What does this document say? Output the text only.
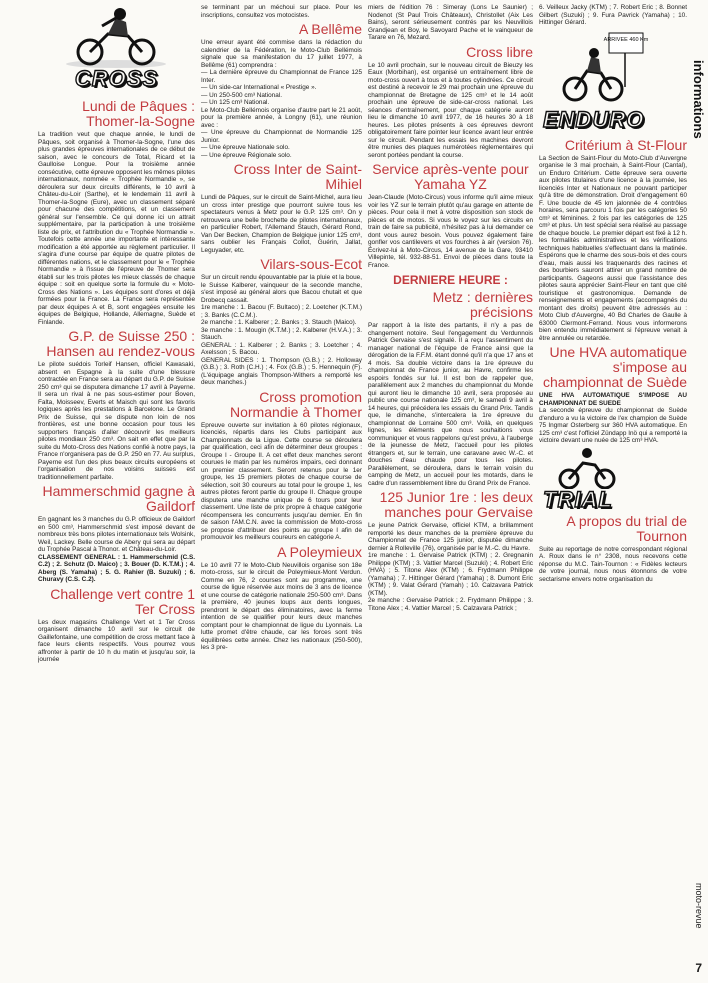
CROSS
Lundi de Pâques : Thomer-la-Sogne

La tradition veut que chaque année, le lundi de Pâques, soit organisé à Thomer-la-Sogne, l'une des plus grandes épreuves internationales de ce début de saison, avec le concours de Total, Ricard et la Gaulloise Longue. Pour la troisième année consécutive, cette épreuve opposent les mêmes pilotes internationaux, nommée « Trophée Normandie », se déroulera sur deux circuits différents, le 10 avril à Châteu-du-Loir (Sarthe), et le lendemain 11 avril à Thomer-la-Sogne (Eure), avec un classement séparé pour chacune des compétitions, et un classement général sur l'ensemble. Ce qui donne ici un attrait supplémentaire, par la participation à une troisième liste de prix, et l'attribution du « Trophée Normandie ». Toutefois cette année une importante et intéressante modification a été apportée au règlement particulier. Il s'agira d'une course par équipe de quatre pilotes de différentes nations, et le classement pour le « Trophée Normandie » à l'issue de l'épreuve de Thomer sera établi sur les trois pilotes les mieux classés de chaque équipe : soit en quelque sorte la formule du « Moto-Cross des Nations ». Les équipes sont d'ores et déjà formées pour la France. La France sera représentée par deux équipes A et B, sont engagées ensuite les équipes de Belgique, Hollande, Allemagne, Suède et Finlande.

G.P. de Suisse 250 : Hansen au rendez-vous

Le pilote suédois Torleif Hansen, officiel Kawasaki, absent en Espagne à la suite d'une blessure contractée en France sera au départ du G.P. de Suisse 250 cm³ qui se disputera dimanche 17 avril à Payerne. Il sera un rival à ne pas sous-estimer pour Boven, Falta, Moisseev, Everts et Maisch qui sont les favoris logiques après les prestations à Barcelone. Le Grand Prix de Suisse, qui se dispute non loin de nos frontières, est une bonne occasion pour tous les supporters français d'aller découvrir les meilleurs pilotes mondiaux 250 cm³. On sait en effet que par la suite du Moto-Cross des Nations confié à notre pays, la France n'organisera pas de G.P. 250 en 77. Au surplus, Payerne est l'un des plus beaux circuits européens et l'organisation de nos voisins suisses est traditionnellement parfaite.

Hammerschmid gagne à Gaildorf

En gagnant les 3 manches du G.P. officieux de Gaildorf en 500 cm³, Hammerschmid s'est imposé devant de nombreux très bons pilotes internationaux tels Wolsink, Weil, Lackey. Belle course de Abery qui sera au départ du Trophée Pascal à Thonor. et Château-du-Loir.

CLASSEMENT GENERAL : 1. Hammerschmid (C.S. C.2) ; 2. Schutz (D. Maico) ; 3. Bouer (D. K.T.M.) ; 4. Aberg (S. Yamaha) ; 5. G. Rahier (B. Suzuki) ; 6. Churavy (C.S. C.2).

Challenge vert contre 1 Ter Cross

Les deux magasins Challenge Vert et 1 Ter Cross organisent dimanche 10 avril sur le circuit de Gaillefontaine, une compétition de cross mettant face à face leurs clients respectifs. Vous pourrez vous affronter à partir de 10 h du matin et jusqu'au soir, la journée

se terminant par un méchoui sur place. Pour les inscriptions, consultez vos motocistes.

A Bellême

Une erreur ayant été commise dans la rédaction du calendrier de la Fédération, le Moto-Club Bellémois signale que sa manifestation du 17 juillet 1977, à Bellême (61) comprendra :
— La dernière épreuve du Championnat de France 125 Inter.
— Un side-car International « Prestige ».
— Un 250-500 cm³ National.
— Un 125 cm³ National.
Le Moto-Club Bellémois organise d'autre part le 21 août, pour la première année, à Longny (61), une réunion avec :
— Une épreuve du Championnat de Normandie 125 Junior.
— Une épreuve Nationale solo.
— Une épreuve Régionale solo.

Cross Inter de Saint-Mihiel

Lundi de Pâques, sur le circuit de Saint-Michel, aura lieu un cross inter prestige que pourront suivre tous les spectateurs venus à Metz pour le G.P. 125 cm³. On y retrouvera une belle brochette de pilotes internationaux, en particulier Robert, l'Allemand Stauch, Gérard Rond, Van Der Becken, Champion de Belgique junior 125 cm³, sans oublier les Français Collot, Guérin, Jallat, Leguyader, etc.

Vilars-sous-Ecot

Sur un circuit rendu épouvantable par la pluie et la boue, le Suisse Kalberer, vainqueur de la seconde manche, s'est imposé au général alors que Bacou chutait et que Drobecq cassait.
1re manche : 1. Bacou (F. Bultaco) ; 2. Loetcher (K.T.M.) ; 3. Banks (C.C.M.).
2e manche : 1. Kalberer ; 2. Banks ; 3. Stauch (Maico).
3e manche : 1. Mougin (K.T.M.) ; 2. Kalberer (H.V.A.) ; 3. Stauch.
GENERAL : 1. Kalberer ; 2. Banks ; 3. Loetcher ; 4. Axelsson ; 5. Bacou.
GENERAL SIDES : 1. Thompson (G.B.) ; 2. Holloway (G.B.) ; 3. Roth (C.H.) ; 4. Fox (G.B.) ; 5. Hennequin (F). (L'équipage anglais Thompson-Withers a remporté les deux manches.)

Cross promotion Normandie à Thomer

Epreuve ouverte sur invitation à 60 pilotes régionaux, licenciés, répartis dans les Clubs participant aux Championnats de la Ligue. Cette course se déroulera par qualification, ceci afin de déterminer deux groupes : Groupe I - Groupe II. A cet effet deux manches seront courues le matin par les numéros impairs, ceci donnant un premier classement. Seront retenus pour le 1er groupe, les 15 premiers pilotes de chaque course de sélection, soit 30 coureurs au total pour le groupe 1, les autres pilotes feront partie du groupe II. Chaque groupe disputera une manche unique de 6 tours pour leur classement. Une liste de prix propre à chaque catégorie récompensera les concurrents jusqu'au dernier. En fin de saison l'AM.C.N. avec la commission de Moto-cross se propose d'attribuer des points au groupe I afin de promouvoir les meilleurs coureurs en catégorie A.

A Poleymieux

Le 10 avril 77 le Moto-Club Neuvillois organise son 18e moto-cross, sur le circuit de Poleymieux-Mont Verdun. Comme en 76, 2 courses sont au programme, une course de ligue réservée aux moins de 3 ans de licence et une course de catégorie nationale 250-500 cm³. Dans la première, 40 jeunes loups aux dents longues, prendront le départ des éliminatoires, avec la ferme intention de se qualifier pour leurs deux manches comptant pour le championnat de ligue du Lyonnais. La lutte promet d'être chaude, car les forces sont très équilibrées cette année. Chez les nationaux (250-500), les 3 pre-

miers de l'édition 76 : Simeray (Lons Le Saunier) ; Nodenot (St Paul Trois Châteaux), Christollet (Aix Les Bains), seront sérieusement contrés par les Neuvillois Grandjean et Boy, le Savoyard Pache et le vainqueur de Tarare en 76, Mezard.

Cross libre

Le 10 avril prochain, sur le nouveau circuit de Bieuzy les Eaux (Morbihan), est organisé un entraînement libre de moto-cross ouvert à tous et à toutes cylindrées. Ce circuit est destiné à recevoir le 29 mai prochain une épreuve du championnat de Bretagne de 125 cm³ et le 14 août prochain une épreuve de side-car-cross national. Les séances d'entraînement, pour chaque catégorie auront lieu le dimanche 10 avril 1977, de 16 heures 30 à 18 heures. Les pilotes présents à ces épreuves devront obligatoirement faire pointer leur licence avant leur entrée sur le circuit. Pendant les essais les machines devront être munies des plaques numérotées réglementaires qui seront portées pendant la course.

Service après-vente pour Yamaha YZ

Jean-Claude (Moto-Circus) vous informe qu'il aime mieux voir les YZ sur le terrain plutôt qu'au garage en attente de pièces. Pour cela il met à votre disposition son stock de pièces et de motos. Si vous le voyez sur les circuits en train de faire sa publicité, n'hésitez pas à lui demander ce dont vous aurez besoin. Vous pouvez également faire gonfler vos cantilevers et vos fourches à air (version 76). Écrivez-lui à Moto-Circus, 14 avenue de la Gare, 93410 Villepinte, tél. 932-88-51. Envoi de pièces dans toute la France.

DERNIERE HEURE :
Metz : dernières précisions

Par rapport à la liste des partants, il n'y a pas de changement notoire. Seul l'engagement du Verdunnois Patrick Gervaise s'est signalé. Il a reçu l'assentiment du manager national de l'équipe de France ainsi que la dérogation de la F.F.M. étant donné qu'il n'a que 17 ans et 4 mois. Sa double victoire dans la 1re épreuve du championnat de France junior, au Havre, confirme les espoirs fondés sur lui. Il est bon de rappeler que, parallèlement aux 2 manches du championnat du Monde qui auront lieu le dimanche 10 avril, sera proposée au public une course nationale 125 cm³, le samedi 9 avril à 14 heures, qui précédera les essais du Grand Prix. Tandis que, le dimanche, s'intercalera la 1re épreuve du championnat de Lorraine 500 cm³. Voilà, en quelques lignes, les éléments que nous souhaitions vous communiquer et vous rappelons qu'est prévu, à l'auberge de la jeunesse de Metz, l'accueil pour les pilotes étrangers et, sur le terrain, une caravane avec W.-C. et douches d'eau chaude pour tous les pilotes. Parallèlement, se déroulera, dans le terrain voisin du camping de Metz, un accueil pour les motards, dans le cadre d'un rassemblement libre du Grand Prix de France.

125 Junior 1re : les deux manches pour Gervaise

Le jeune Patrick Gervaise, officiel KTM, a brillamment remporté les deux manches de la première épreuve du Championnat de France 125 junior, disputée dimanche dernier à Rolleville (76), organisée par le M.-C. du Havre.
1re manche : 1. Gervaise Patrick (KTM) ; 2. Gregnanin Philippe (KTM) ; 3. Vattier Marcel (Suzuki) ; 4. Robert Eric (HVA) ; 5. Titone Alex (KTM) ; 6. Frydmann Philippe (Yamaha) ; 7. Hittinger Gérard (Yamaha) ; 8. Dumont Eric (KTM) ; 9. Valat Gérard (Yamah) ; 10. Calzavara Patrick (KTM).
2e manche : Gervaise Patrick ; 2. Frydmann Philippe ; 3. Titone Alex ; 4. Vattier Marcel ; 5. Calzavara Patrick ;

6. Veilleux Jacky (KTM) ; 7. Robert Eric ; 8. Bonnet Gilbert (Suzuki) ; 9. Fura Pavrick (Yamaha) ; 10. Hittinger Gérard.

ARRIVEE 460 Km
ENDURO
Critérium à St-Flour

La Section de Saint-Flour du Moto-Club d'Auvergne organise le 3 mai prochain, à Saint-Flour (Cantal), un Enduro Critérium. Cette épreuve sera ouverte aux pilotes titulaires d'une licence à la journée, les licenciés Inter et Nationaux ne pouvant participer qu'à titre de démonstration. Droit d'engagement 60 F. Une boucle de 45 km jalonnée de 4 contrôles horaires, sera parcouru 1 fois par les catégories 50 cm³ et féminines. 2 fois par les catégories de 125 cm³ et plus. Un test spécial sera réalisé au passage de chaque boucle. Le premier départ est fixé à 12 h. les formalités administratives et les vérifications techniques habituelles s'effectuant dans la matinée. Espérons que le charme des sous-bois et des cours d'eau, mais aussi les traquenards des racines et des bourbiers sauront attirer un grand nombre de participants. Gageons aussi que l'assistance des pilotes saura apprécier Saint-Fleur en tant que cité touristique et gastronomique. Demande de renseignements et engagements (accompagnés du montant des droits) peuvent être adressés au : Moto Club d'Auvergne, 40 Bd Charles de Gaulle à 63000 Clermont-Ferrand. Nous vous informerons bien entendu immédiatement si l'épreuve venait à être annulée ou retardée.

Une HVA automatique s'impose au championnat de Suède

UNE HVA AUTOMATIQUE S'IMPOSE AU CHAMPIONNAT DE SUEDE

La seconde épreuve du championnat de Suède d'enduro a vu la victoire de l'ex champion de Suède 75 Ingmar Osterberg sur 360 HVA automatique. En 125 cm³ c'est l'officiel Zündapp Inö qui a remporté la victoire devant une nuée de 125 cm³ HVA.

TRIAL
A propos du trial de Tournon

Suite au reportage de notre correspondant régional A. Roux dans le n° 2308, nous recevons cette réponse du M.C. Tain-Tournon : « Fidèles lecteurs de votre journal, nous nous étonnons de votre sectarisme envers notre organisation du

informations
moto-revue
7
